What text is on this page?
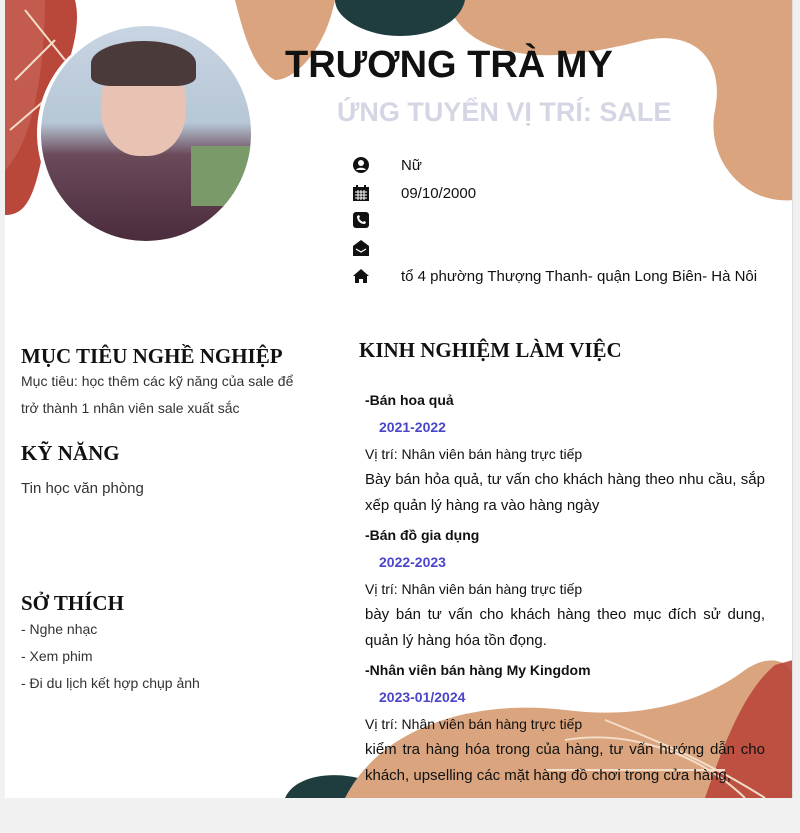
TRƯƠNG TRÀ MY
ỨNG TUYỂN VỊ TRÍ: SALE
Nữ
09/10/2000
tổ 4 phường Thượng Thanh- quận Long Biên- Hà Nôi
MỤC TIÊU NGHỀ NGHIỆP
Mục tiêu: học thêm các kỹ năng của sale để
trở thành 1 nhân viên sale xuất sắc
KỸ NĂNG
Tin học văn phòng
SỞ THÍCH
- Nghe nhạc
- Xem phim
- Đi du lịch kết hợp chụp ảnh
KINH NGHIỆM LÀM VIỆC
-Bán hoa quả
2021-2022
Vị trí: Nhân viên bán hàng trực tiếp
Bày bán hỏa quả, tư vấn cho khách hàng theo nhu cầu, sắp xếp quản lý hàng ra vào hàng ngày
-Bán đồ gia dụng
2022-2023
Vị trí: Nhân viên bán hàng trực tiếp
bày bán tư vấn cho khách hàng theo mục đích sử dung, quản lý hàng hóa tồn đọng.
-Nhân viên bán hàng My Kingdom
2023-01/2024
Vị trí: Nhân viên bán hàng trực tiếp
kiểm tra hàng hóa trong của hàng, tư vấn hướng dẫn cho khách, upselling các mặt hàng đồ chơi trong cửa hàng,
